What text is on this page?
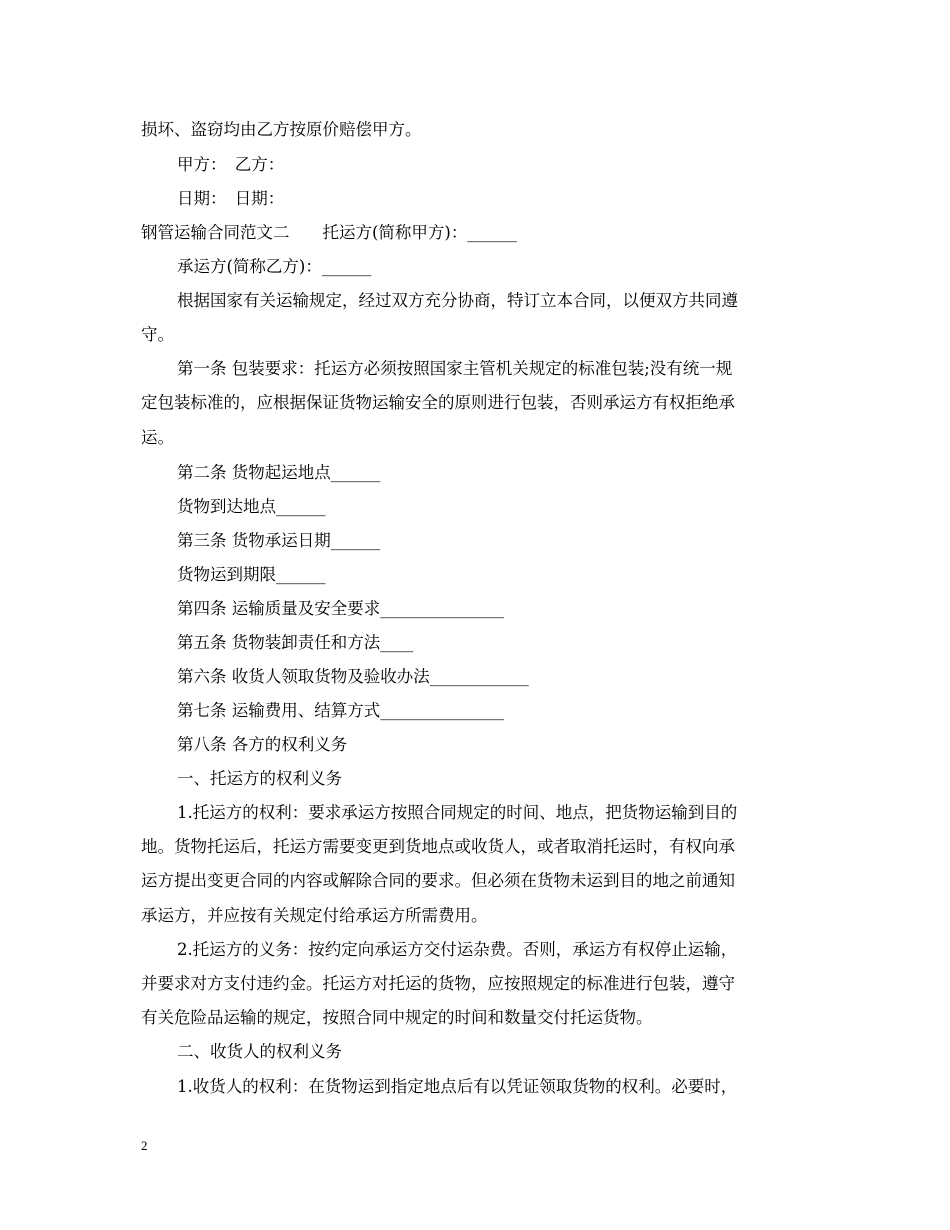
损坏、盗窃均由乙方按原价赔偿甲方。
甲方：　乙方：
日期：　日期：
钢管运输合同范文二　　托运方(简称甲方)：______
承运方(简称乙方)：______
根据国家有关运输规定，经过双方充分协商，特订立本合同，以便双方共同遵
守。
第一条 包装要求：托运方必须按照国家主管机关规定的标准包装;没有统一规
定包装标准的，应根据保证货物运输安全的原则进行包装，否则承运方有权拒绝承
运。
第二条 货物起运地点______
货物到达地点______
第三条 货物承运日期______
货物运到期限______
第四条 运输质量及安全要求_______________
第五条 货物装卸责任和方法____
第六条 收货人领取货物及验收办法____________
第七条 运输费用、结算方式_______________
第八条 各方的权利义务
一、托运方的权利义务
1.托运方的权利：要求承运方按照合同规定的时间、地点，把货物运输到目的
地。货物托运后，托运方需要变更到货地点或收货人，或者取消托运时，有权向承
运方提出变更合同的内容或解除合同的要求。但必须在货物未运到目的地之前通知
承运方，并应按有关规定付给承运方所需费用。
2.托运方的义务：按约定向承运方交付运杂费。否则，承运方有权停止运输，
并要求对方支付违约金。托运方对托运的货物，应按照规定的标准进行包装，遵守
有关危险品运输的规定，按照合同中规定的时间和数量交付托运货物。
二、收货人的权利义务
1.收货人的权利：在货物运到指定地点后有以凭证领取货物的权利。必要时，
2
